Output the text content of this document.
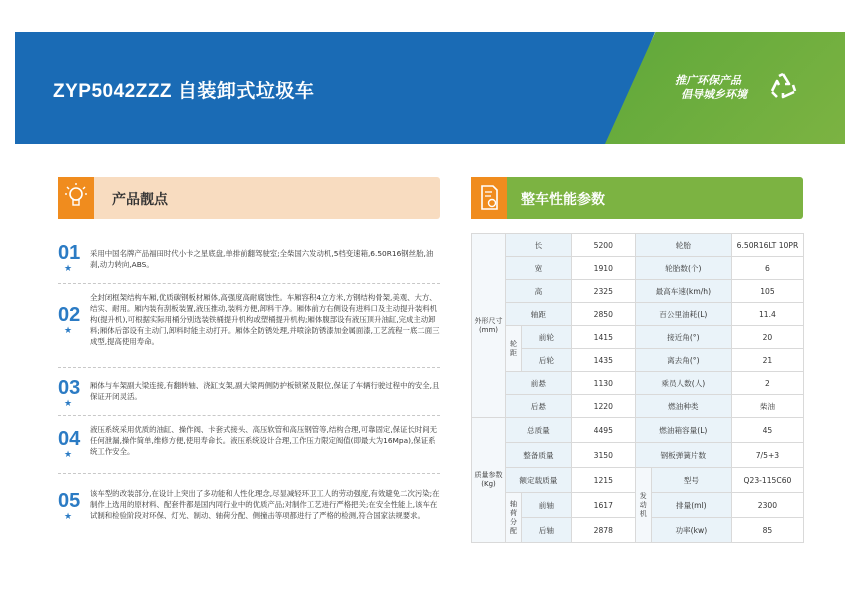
ZYP5042ZZZ 自装卸式垃圾车
推广环保产品
倡导城乡环境
产品靓点	整车性能参数
01
★
采用中国名牌产品福田时代小卡之星底盘,单排前翻驾驶室;全柴国六发动机,5档变速箱,6.50R16钢丝胎,油刹,动力转向,ABS。
02
★
全封闭框架结构车厢,优质碳钢板材厢体,高强度高耐腐蚀性。车厢容积4立方米,方钢结构骨架,美观、大方、结实、耐用。厢内装有刮板装置,液压推动,装料方便,卸料干净。厢体前方右侧设有进料口及主动提升装料机构(提升机),可根据实际用桶分别选装铁桶提升机构或塑桶提升机构;厢体腹部设有液压顶升油缸,完成主动卸料;厢体后部设有主动门,卸料时能主动打开。厢体全防锈处理,并喷涂防锈漆加金属面漆,工艺流程一底二面三成型,提高使用寿命。
03
★
厢体与车架副大梁连接,有翻转轴、浇缸支架,副大梁两侧防护板锁紧及限位,保证了车辆行驶过程中的安全,且保证开闭灵活。
04
★
液压系统采用优质的油缸、操作阀、卡套式接头、高压软管和高压钢管等,结构合理,可靠固定,保证长时间无任何泄漏,操作简单,维修方便,使用寿命长。液压系统设计合理,工作压力限定阀值(即最大为16Mpa),保证系统工作安全。
05
★
该车型的改装部分,在设计上突出了多功能和人性化理念,尽显减轻环卫工人的劳动强度,有效避免二次污染;在制作上选用的原材料、配套件都是国内同行业中的优质产品;对制作工艺进行严格把关;在安全性能上,该车在试制和检验阶段对环保、灯光、制动、轴荷分配、侧撞击等项都进行了严格的检测,符合国家法规要求。
外形尺寸(mm)	长		5200	轮胎		6.50R16LT 10PR
	宽		1910	轮胎数(个)		6
	高		2325	最高车速(km/h)		105
	轴距		2850	百公里油耗(L)		11.4
	轮距	前轮	1415	接近角(°)		20
		后轮	1435	离去角(°)		21
	前悬		1130	乘员人数(人)		2
	后悬		1220	燃油种类		柴油
质量参数(Kg)	总质量		4495	燃油箱容量(L)		45
	整备质量		3150	钢板弹簧片数		7/5+3
	额定载质量		1215	发动机	型号	Q23-115C60
	轴荷分配	前轴	1617		排量(ml)	2300
		后轴	2878		功率(kw)	85
